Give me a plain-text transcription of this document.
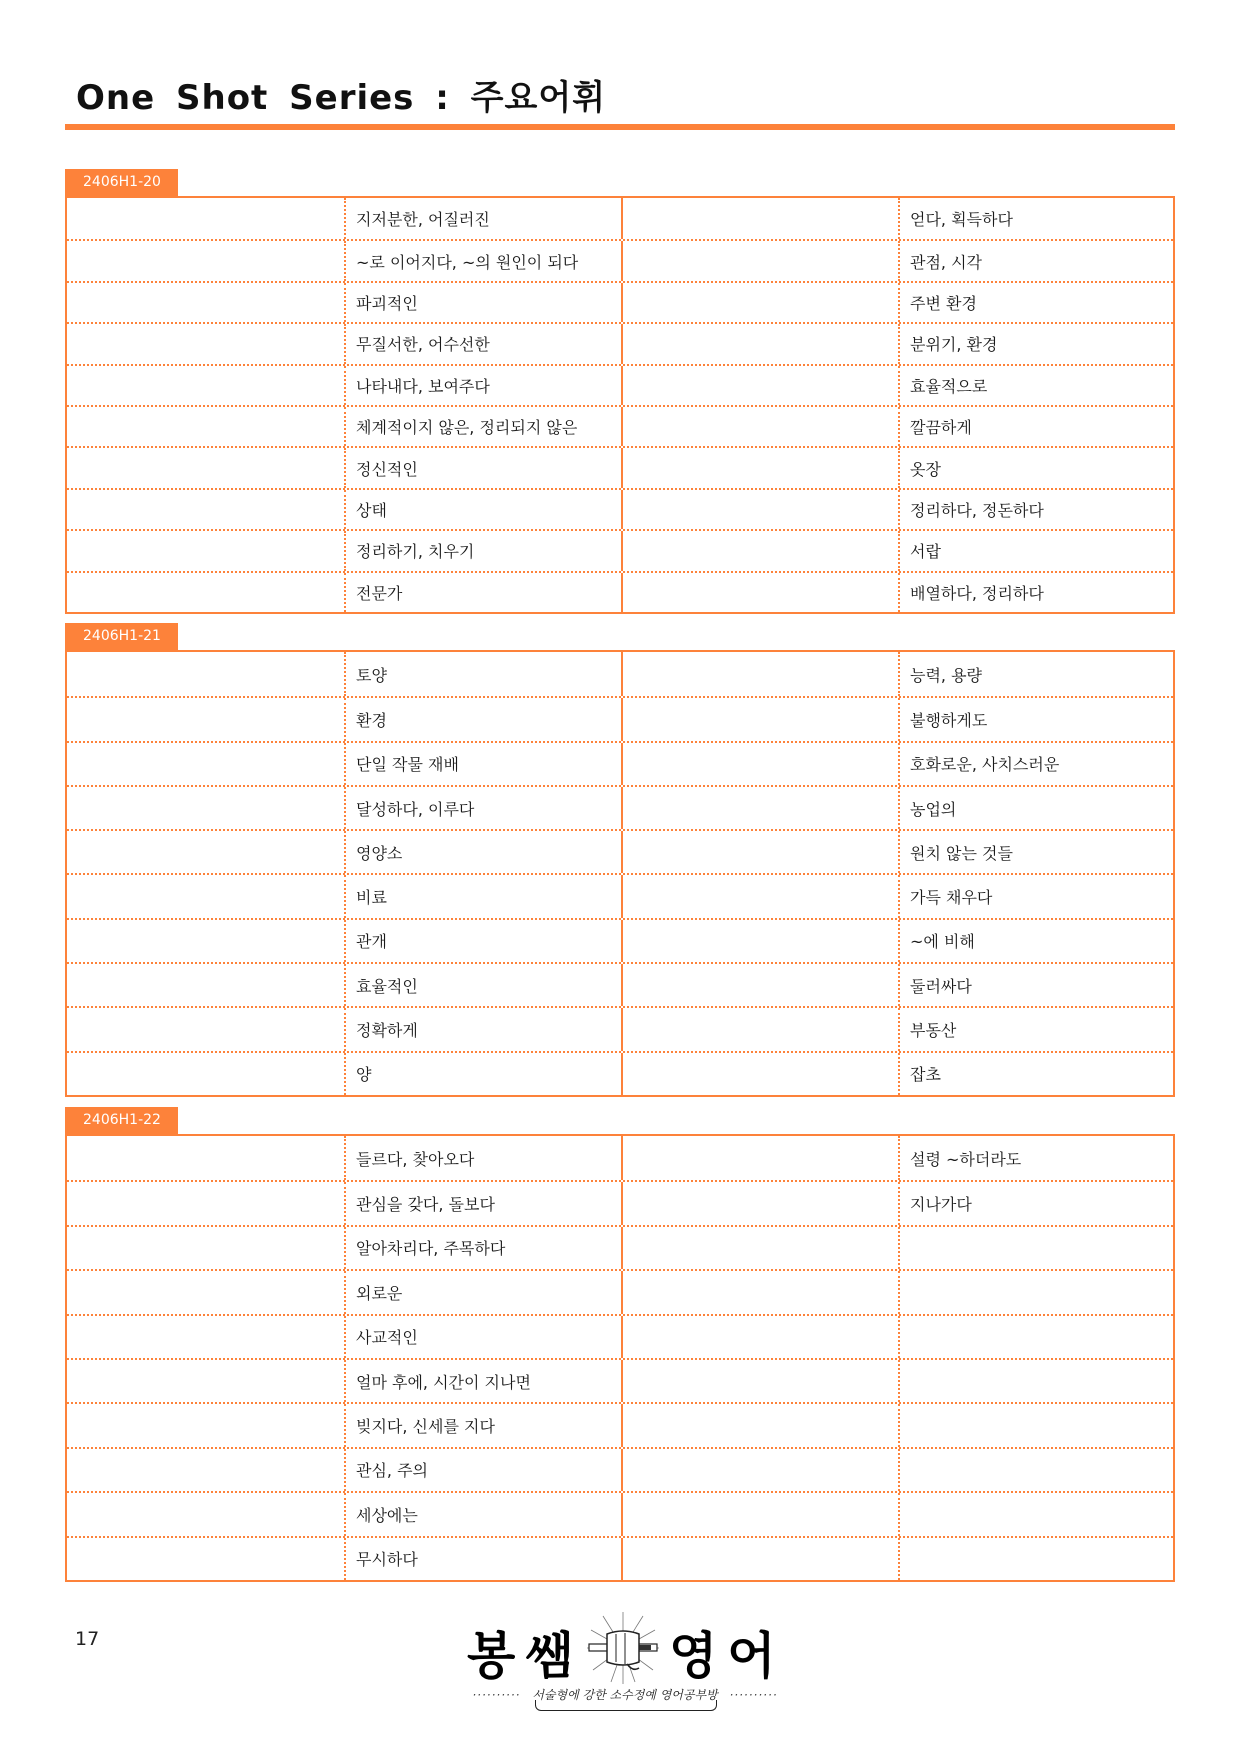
One Shot Series : 주요어휘
2406H1-20
지저분한, 어질러진	얻다, 획득하다
~로 이어지다, ~의 원인이 되다	관점, 시각
파괴적인	주변 환경
무질서한, 어수선한	분위기, 환경
나타내다, 보여주다	효율적으로
체계적이지 않은, 정리되지 않은	깔끔하게
정신적인	옷장
상태	정리하다, 정돈하다
정리하기, 치우기	서랍
전문가	배열하다, 정리하다
2406H1-21
토양	능력, 용량
환경	불행하게도
단일 작물 재배	호화로운, 사치스러운
달성하다, 이루다	농업의
영양소	원치 않는 것들
비료	가득 채우다
관개	~에 비해
효율적인	둘러싸다
정확하게	부동산
양	잡초
2406H1-22
들르다, 찾아오다	설령 ~하더라도
관심을 갖다, 돌보다	지나가다
알아차리다, 주목하다
외로운
사교적인
얼마 후에, 시간이 지나면
빚지다, 신세를 지다
관심, 주의
세상에는
무시하다
17	봉쌤 영어
·········· 서술형에 강한 소수정예 영어공부방 ··········
